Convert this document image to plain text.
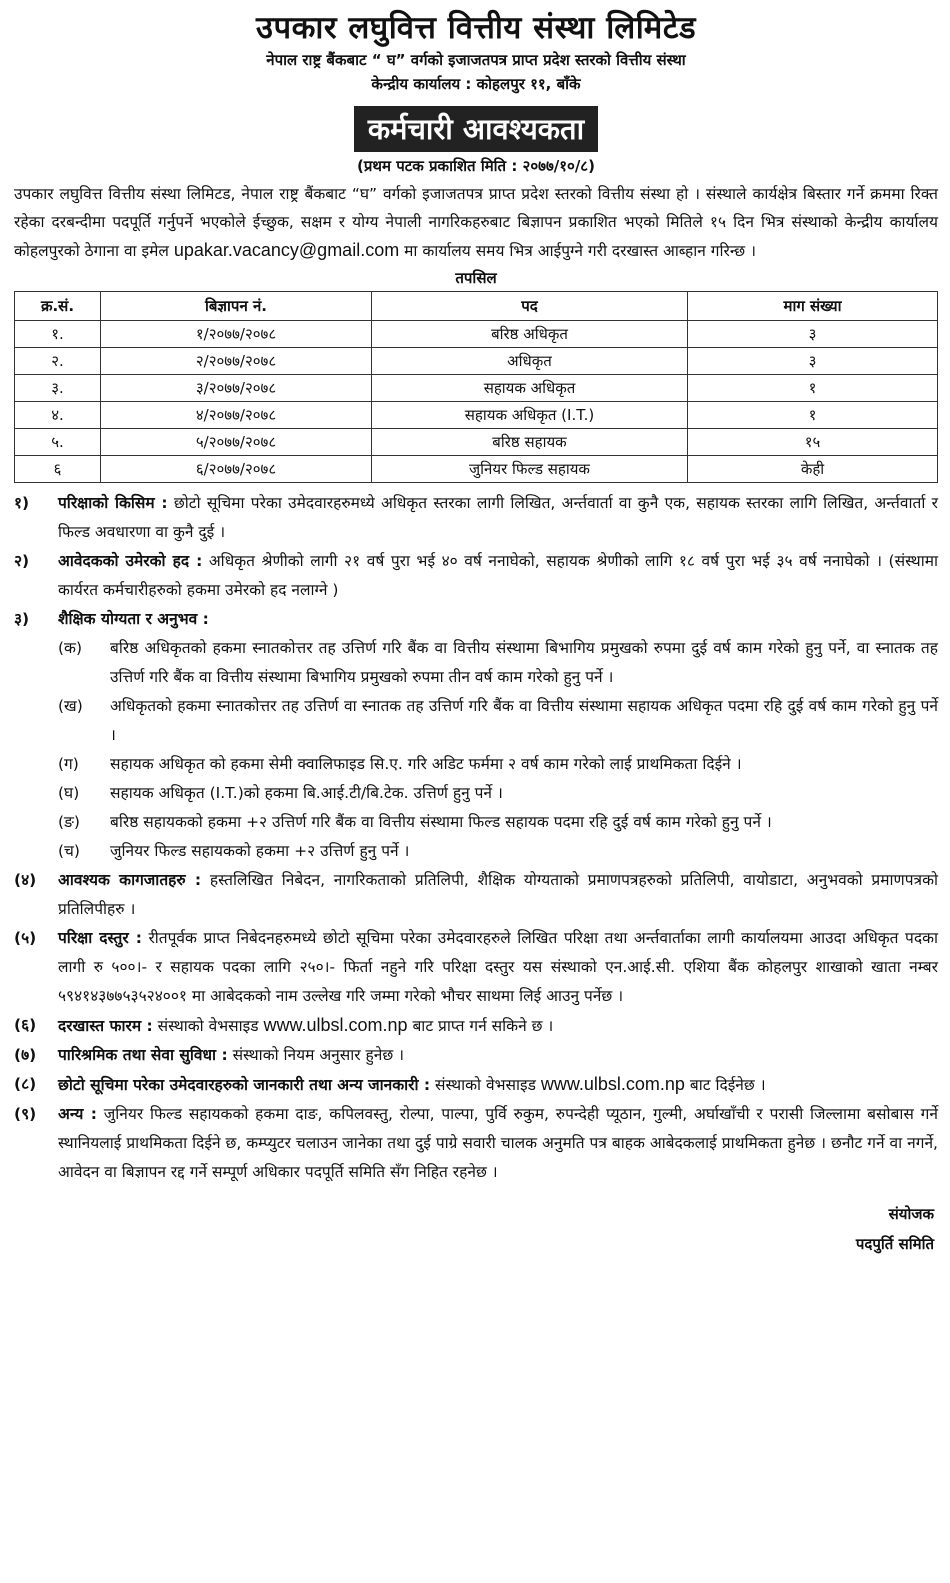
उपकार लघुवित्त वित्तीय संस्था लिमिटेड
नेपाल राष्ट्र बैंकबाट “ घ” वर्गको इजाजतपत्र प्राप्त प्रदेश स्तरको वित्तीय संस्था
केन्द्रीय कार्यालय : कोहलपुर ११, बाँके
कर्मचारी आवश्यकता
(प्रथम पटक प्रकाशित मिति : २०७७/१०/८)
उपकार लघुवित्त वित्तीय संस्था लिमिटड, नेपाल राष्ट्र बैंकबाट “घ” वर्गको इजाजतपत्र प्राप्त प्रदेश स्तरको वित्तीय संस्था हो । संस्थाले कार्यक्षेत्र बिस्तार गर्ने क्रममा रिक्त रहेका दरबन्दीमा पदपूर्ति गर्नुपर्ने भएकोले ईच्छुक, सक्षम र योग्य नेपाली नागरिकहरुबाट बिज्ञापन प्रकाशित भएको मितिले १५ दिन भित्र संस्थाको केन्द्रीय कार्यालय कोहलपुरको ठेगाना वा इमेल upakar.vacancy@gmail.com मा कार्यालय समय भित्र आईपुग्ने गरी दरखास्त आब्हान गरिन्छ ।
तपसिल
क्र.सं.	बिज्ञापन नं.	पद	माग संख्या
१.	१/२०७७/२०७८	बरिष्ठ अधिकृत	३
२.	२/२०७७/२०७८	अधिकृत	३
३.	३/२०७७/२०७८	सहायक अधिकृत	१
४.	४/२०७७/२०७८	सहायक अधिकृत (I.T.)	१
५.	५/२०७७/२०७८	बरिष्ठ सहायक	१५
६	६/२०७७/२०७८	जुनियर फिल्ड सहायक	केही
१)	परिक्षाको किसिम : छोटो सूचिमा परेका उमेदवारहरुमध्ये अधिकृत स्तरका लागी लिखित, अर्न्तवार्ता वा कुनै एक, सहायक स्तरका लागि लिखित, अर्न्तवार्ता र फिल्ड अवधारणा वा कुनै दुई ।
२)	आवेदकको उमेरको हद : अधिकृत श्रेणीको लागी २१ वर्ष पुरा भई ४० वर्ष ननाघेको, सहायक श्रेणीको लागि १८ वर्ष पुरा भई ३५ वर्ष ननाघेको । (संस्थामा कार्यरत कर्मचारीहरुको हकमा उमेरको हद नलाग्ने )
३)	शैक्षिक योग्यता र अनुभव :
(क)	बरिष्ठ अधिकृतको हकमा स्नातकोत्तर तह उत्तिर्ण गरि बैंक वा वित्तीय संस्थामा बिभागिय प्रमुखको रुपमा दुई वर्ष काम गरेको हुनु पर्ने, वा स्नातक तह उत्तिर्ण गरि बैंक वा वित्तीय संस्थामा बिभागिय प्रमुखको रुपमा तीन वर्ष काम गरेको हुनु पर्ने ।
(ख)	अधिकृतको हकमा स्नातकोत्तर तह उत्तिर्ण वा स्नातक तह उत्तिर्ण गरि बैंक वा वित्तीय संस्थामा सहायक अधिकृत पदमा रहि दुई वर्ष काम गरेको हुनु पर्ने ।
(ग)	सहायक अधिकृत को हकमा सेमी क्वालिफाइड सि.ए. गरि अडिट फर्ममा २ वर्ष काम गरेको लाई प्राथमिकता दिईने ।
(घ)	सहायक अधिकृत (I.T.)को हकमा बि.आई.टी/बि.टेक. उत्तिर्ण हुनु पर्ने ।
(ङ)	बरिष्ठ सहायकको हकमा +२ उत्तिर्ण गरि बैंक वा वित्तीय संस्थामा फिल्ड सहायक पदमा रहि दुई वर्ष काम गरेको हुनु पर्ने ।
(च)	जुनियर फिल्ड सहायकको हकमा +२ उत्तिर्ण हुनु पर्ने ।
(४)	आवश्यक कागजातहरु : हस्तलिखित निबेदन, नागरिकताको प्रतिलिपी, शैक्षिक योग्यताको प्रमाणपत्रहरुको प्रतिलिपी, वायोडाटा, अनुभवको प्रमाणपत्रको प्रतिलिपीहरु ।
(५)	परिक्षा दस्तुर : रीतपूर्वक प्राप्त निबेदनहरुमध्ये छोटो सूचिमा परेका उमेदवारहरुले लिखित परिक्षा तथा अर्न्तवार्ताका लागी कार्यालयमा आउदा अधिकृत पदका लागी रु ५००।- र सहायक पदका लागि २५०।- फिर्ता नहुने गरि परिक्षा दस्तुर यस संस्थाको एन.आई.सी. एशिया बैंक कोहलपुर शाखाको खाता नम्बर ५९४१४३७७५३५२४००१ मा आबेदकको नाम उल्लेख गरि जम्मा गरेको भौचर साथमा लिई आउनु पर्नेछ ।
(६)	दरखास्त फारम : संस्थाको वेभसाइड www.ulbsl.com.np बाट प्राप्त गर्न सकिने छ ।
(७)	पारिश्रमिक तथा सेवा सुविधा : संस्थाको नियम अनुसार हुनेछ ।
(८)	छोटो सूचिमा परेका उमेदवारहरुको जानकारी तथा अन्य जानकारी : संस्थाको वेभसाइड www.ulbsl.com.np बाट दिईनेछ ।
(९)	अन्य : जुनियर फिल्ड सहायकको हकमा दाङ, कपिलवस्तु, रोल्पा, पाल्पा, पुर्वि रुकुम, रुपन्देही प्यूठान, गुल्मी, अर्घाखाँची र परासी जिल्लामा बसोबास गर्ने स्थानियलाई प्राथमिकता दिईने छ, कम्प्युटर चलाउन जानेका तथा दुई पाग्रे सवारी चालक अनुमति पत्र बाहक आबेदकलाई प्राथमिकता हुनेछ । छनौट गर्ने वा नगर्ने, आवेदन वा बिज्ञापन रद्द गर्ने सम्पूर्ण अधिकार पदपूर्ति समिति सँग निहित रहनेछ ।
संयोजक
पदपुर्ति समिति
